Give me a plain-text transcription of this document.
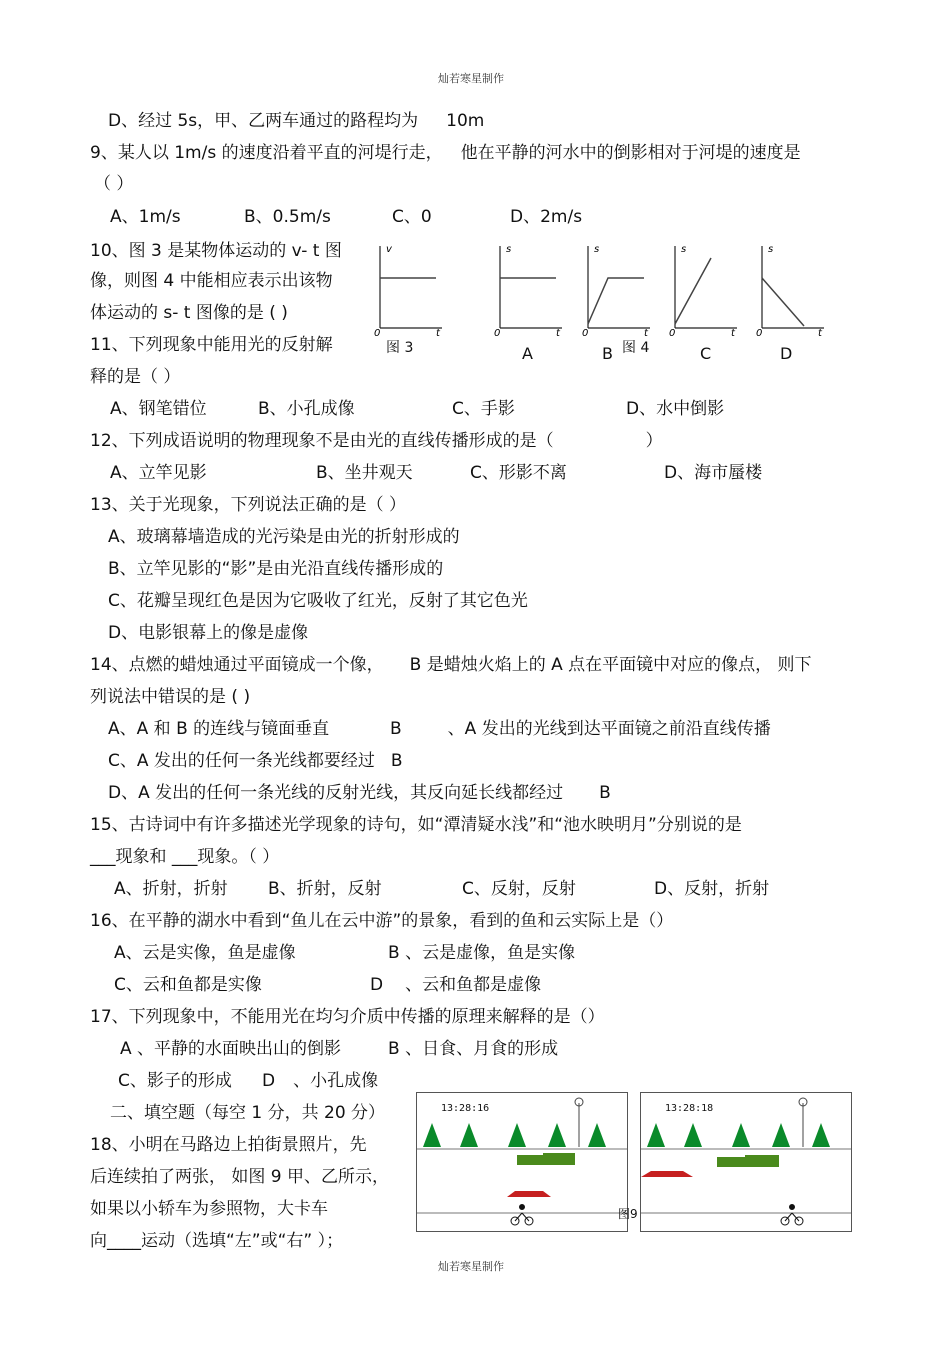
灿若寒星制作
D、经过 5s，甲、乙两车通过的路程均为 10m
9、某人以 1m/s 的速度沿着平直的河堤行走， 他在平静的河水中的倒影相对于河堤的速度是
（ ）
A、1m/s	B、0.5m/s	C、0	D、2m/s
10、图 3 是某物体运动的 v- t 图
像，则图 4 中能相应表示出该物
体运动的 s- t 图像的是 ( )
11、下列现象中能用光的反射解
释的是（ ）
v
0	t
s
0	t
s
0	t
s
0	t
s
0	t
图 3	A	B 图 4	C	D
A、钢笔错位	B、小孔成像	C、手影	D、水中倒影
12、下列成语说明的物理现象不是由光的直线传播形成的是（	）
A、立竿见影	B、坐井观天	C、形影不离	D、海市蜃楼
13、关于光现象，下列说法正确的是（ ）
A、玻璃幕墙造成的光污染是由光的折射形成的
B、立竿见影的“影”是由光沿直线传播形成的
C、花瓣呈现红色是因为它吸收了红光，反射了其它色光
D、电影银幕上的像是虚像
14、点燃的蜡烛通过平面镜成一个像， B 是蜡烛火焰上的 A 点在平面镜中对应的像点， 则下
列说法中错误的是 ( )
A、A 和 B 的连线与镜面垂直	B	、A 发出的光线到达平面镜之前沿直线传播
C、A 发出的任何一条光线都要经过 B
D、A 发出的任何一条光线的反射光线，其反向延长线都经过 B
15、古诗词中有许多描述光学现象的诗句，如“潭清疑水浅”和“池水映明月”分别说的是
___现象和 ___现象。（ ）
A、折射，折射 B、折射，反射	C、反射，反射	D、反射，折射
16、在平静的湖水中看到“鱼儿在云中游”的景象，看到的鱼和云实际上是（）
A、云是实像，鱼是虚像	B 、云是虚像，鱼是实像
C、云和鱼都是实像	D 、云和鱼都是虚像
17、下列现象中，不能用光在均匀介质中传播的原理来解释的是（）
A 、平静的水面映出山的倒影	B 、日食、月食的形成
C、影子的形成 D 、小孔成像
二、填空题（每空 1 分，共 20 分）
18、小明在马路边上拍街景照片，先
后连续拍了两张， 如图 9 甲、乙所示，
如果以小轿车为参照物，大卡车
向____运动（选填“左”或“右” ）；
13:28:16
图9
13:28:18
灿若寒星制作
